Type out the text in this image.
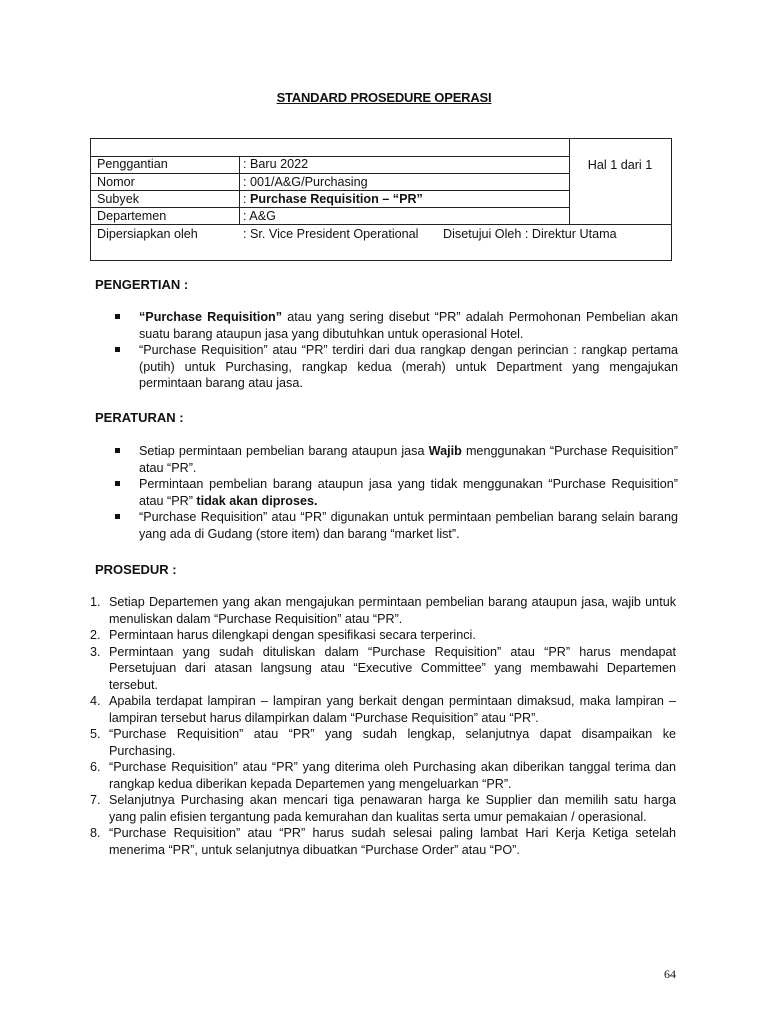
STANDARD PROSEDURE OPERASI
Penggantian	: Baru 2022
Nomor	: 001/A&G/Purchasing
Subyek	: Purchase Requisition – “PR”
Departemen	: A&G
Dipersiapkan oleh	: Sr. Vice President Operational Disetujui Oleh : Direktur Utama
Hal 1 dari 1
PENGERTIAN :
“Purchase Requisition” atau yang sering disebut “PR” adalah Permohonan Pembelian akan suatu barang ataupun jasa yang dibutuhkan untuk operasional Hotel.
“Purchase Requisition” atau “PR” terdiri dari dua rangkap dengan perincian : rangkap pertama (putih) untuk Purchasing, rangkap kedua (merah) untuk Department yang mengajukan permintaan barang atau jasa.
PERATURAN :
Setiap permintaan pembelian barang ataupun jasa Wajib menggunakan “Purchase Requisition” atau “PR”.
Permintaan pembelian barang ataupun jasa yang tidak menggunakan “Purchase Requisition” atau “PR” tidak akan diproses.
“Purchase Requisition” atau “PR” digunakan untuk permintaan pembelian barang selain barang yang ada di Gudang (store item) dan barang “market list”.
PROSEDUR :
1. Setiap Departemen yang akan mengajukan permintaan pembelian barang ataupun jasa, wajib untuk menuliskan dalam “Purchase Requisition” atau “PR”.
2. Permintaan harus dilengkapi dengan spesifikasi secara terperinci.
3. Permintaan yang sudah dituliskan dalam “Purchase Requisition” atau “PR” harus mendapat Persetujuan dari atasan langsung atau “Executive Committee” yang membawahi Departemen tersebut.
4. Apabila terdapat lampiran – lampiran yang berkait dengan permintaan dimaksud, maka lampiran – lampiran tersebut harus dilampirkan dalam “Purchase Requisition” atau “PR”.
5. “Purchase Requisition” atau “PR” yang sudah lengkap, selanjutnya dapat disampaikan ke Purchasing.
6. “Purchase Requisition” atau “PR” yang diterima oleh Purchasing akan diberikan tanggal terima dan rangkap kedua diberikan kepada Departemen yang mengeluarkan “PR”.
7. Selanjutnya Purchasing akan mencari tiga penawaran harga ke Supplier dan memilih satu harga yang palin efisien tergantung pada kemurahan dan kualitas serta umur pemakaian / operasional.
8. “Purchase Requisition” atau “PR” harus sudah selesai paling lambat Hari Kerja Ketiga setelah menerima “PR”, untuk selanjutnya dibuatkan “Purchase Order” atau “PO”.
64
